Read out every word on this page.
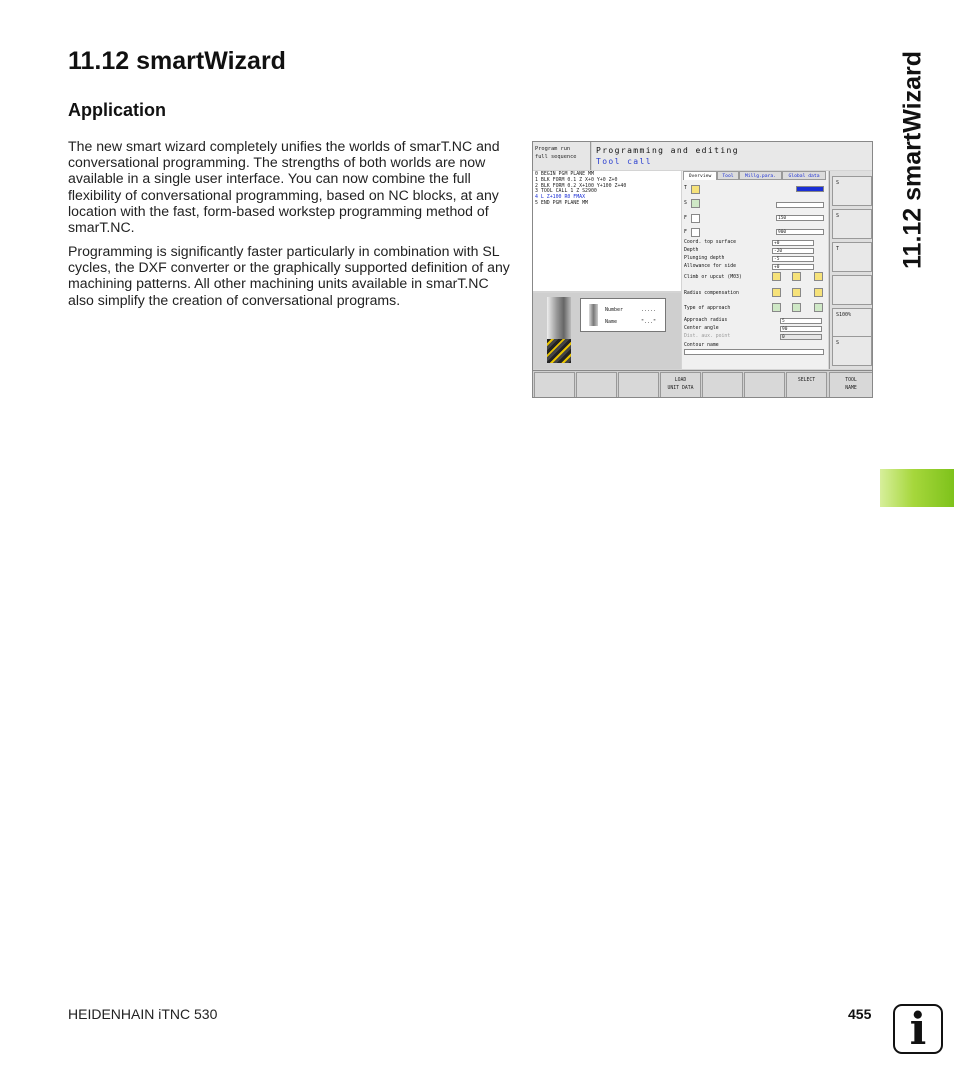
11.12 smartWizard
Application

The new smart wizard completely unifies the worlds of smarT.NC and conversational programming. The strengths of both worlds are now available in a single user interface. You can now combine the full flexibility of conversational programming, based on NC blocks, at any location with the fast, form-based workstep programming method of smarT.NC.

Programming is significantly faster particularly in combination with SL cycles, the DXF converter or the graphically supported definition of any machining patterns. All other machining units available in smarT.NC also simplify the creation of conversational programs.

11.12 smartWizard
Program run
full sequence
Programming and editing
Tool call
0 BEGIN PGM PLANE MM
1 BLK FORM 0.1 Z X+0 Y+0 Z+0
2 BLK FORM 0.2 X+100 Y+100 Z+40
3 TOOL CALL 1 Z S2900
4 L Z+100 R0 FMAX
5 END PGM PLANE MM
Number	.....
Name	"..."
Overview	Tool	Millg.para.	Global data
T
S
F	150
F	900
Coord. top surface	+0
Depth	-20
Plunging depth	-5
Allowance for side	+0
Climb or upcut (M03)
Radius compensation
Type of approach
Approach radius	5
Center angle	90
Dist. aux. point	0
Contour name
S
S
T
S100%
S
LOAD
UNIT DATA
SELECT	TOOL
NAME
HEIDENHAIN iTNC 530	455 i
